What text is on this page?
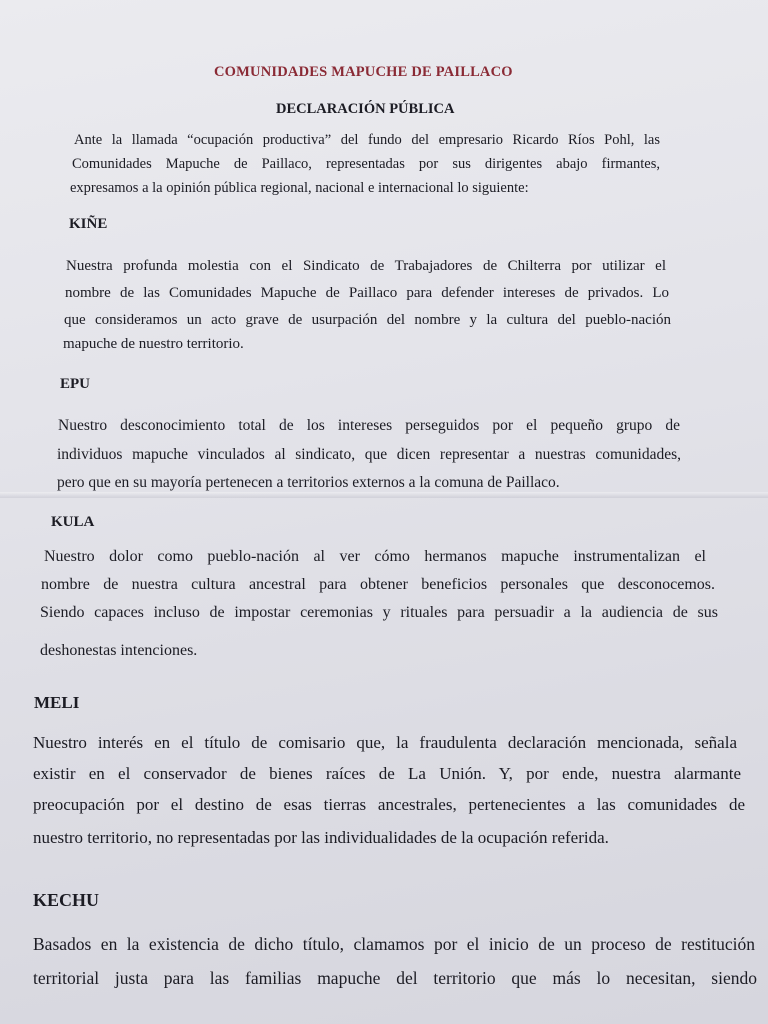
COMUNIDADES MAPUCHE DE PAILLACO
DECLARACIÓN PÚBLICA
Ante la llamada “ocupación productiva” del fundo del empresario Ricardo Ríos Pohl, las
Comunidades Mapuche de Paillaco, representadas por sus dirigentes abajo firmantes,
expresamos a la opinión pública regional, nacional e internacional lo siguiente:
KIÑE
Nuestra profunda molestia con el Sindicato de Trabajadores de Chilterra por utilizar el
nombre de las Comunidades Mapuche de Paillaco para defender intereses de privados. Lo
que consideramos un acto grave de usurpación del nombre y la cultura del pueblo-nación
mapuche de nuestro territorio.
EPU
Nuestro desconocimiento total de los intereses perseguidos por el pequeño grupo de
individuos mapuche vinculados al sindicato, que dicen representar a nuestras comunidades,
pero que en su mayoría pertenecen a territorios externos a la comuna de Paillaco.
KULA
Nuestro dolor como pueblo-nación al ver cómo hermanos mapuche instrumentalizan el
nombre de nuestra cultura ancestral para obtener beneficios personales que desconocemos.
Siendo capaces incluso de impostar ceremonias y rituales para persuadir a la audiencia de sus
deshonestas intenciones.
MELI
Nuestro interés en el título de comisario que, la fraudulenta declaración mencionada, señala
existir en el conservador de bienes raíces de La Unión. Y, por ende, nuestra alarmante
preocupación por el destino de esas tierras ancestrales, pertenecientes a las comunidades de
nuestro territorio, no representadas por las individualidades de la ocupación referida.
KECHU
Basados en la existencia de dicho título, clamamos por el inicio de un proceso de restitución
territorial justa para las familias mapuche del territorio que más lo necesitan, siendo
